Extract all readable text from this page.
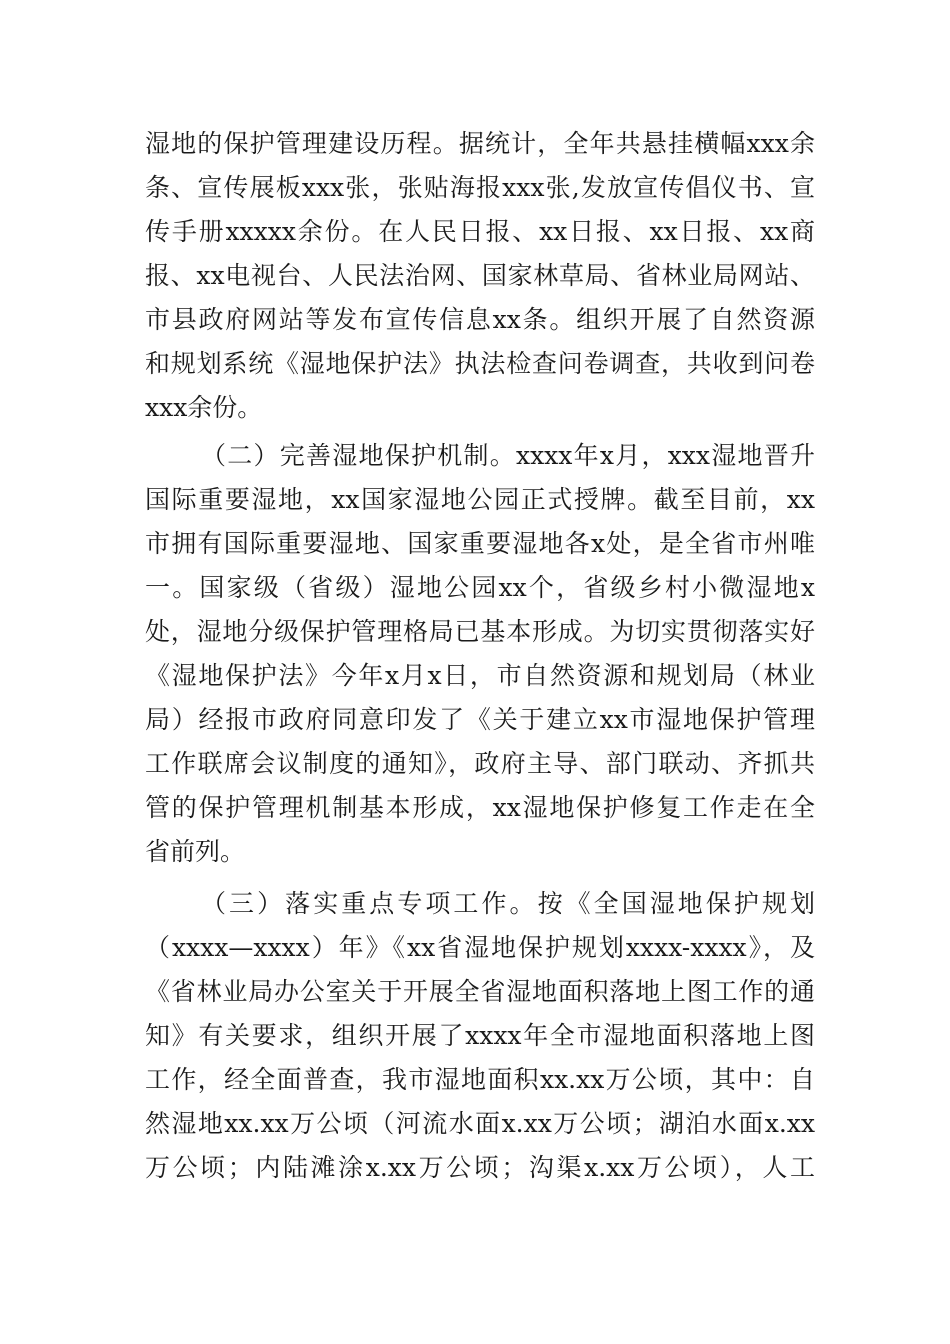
湿地的保护管理建设历程。据统计，全年共悬挂横幅xxx余
条、宣传展板xxx张，张贴海报xxx张,发放宣传倡仪书、宣
传手册xxxxx余份。在人民日报、xx日报、xx日报、xx商
报、xx电视台、人民法治网、国家林草局、省林业局网站、
市县政府网站等发布宣传信息xx条。组织开展了自然资源
和规划系统《湿地保护法》执法检查问卷调查，共收到问卷
xxx余份。
（二）完善湿地保护机制。xxxx年x月，xxx湿地晋升
国际重要湿地，xx国家湿地公园正式授牌。截至目前，xx
市拥有国际重要湿地、国家重要湿地各x处，是全省市州唯
一。国家级（省级）湿地公园xx个，省级乡村小微湿地x
处，湿地分级保护管理格局已基本形成。为切实贯彻落实好
《湿地保护法》今年x月x日，市自然资源和规划局（林业
局）经报市政府同意印发了《关于建立xx市湿地保护管理
工作联席会议制度的通知》，政府主导、部门联动、齐抓共
管的保护管理机制基本形成，xx湿地保护修复工作走在全
省前列。
（三）落实重点专项工作。按《全国湿地保护规划
（xxxx—xxxx）年》《xx省湿地保护规划xxxx-xxxx》，及
《省林业局办公室关于开展全省湿地面积落地上图工作的通
知》有关要求，组织开展了xxxx年全市湿地面积落地上图
工作，经全面普查，我市湿地面积xx.xx万公顷，其中：自
然湿地xx.xx万公顷（河流水面x.xx万公顷；湖泊水面x.xx
万公顷；内陆滩涂x.xx万公顷；沟渠x.xx万公顷），人工
